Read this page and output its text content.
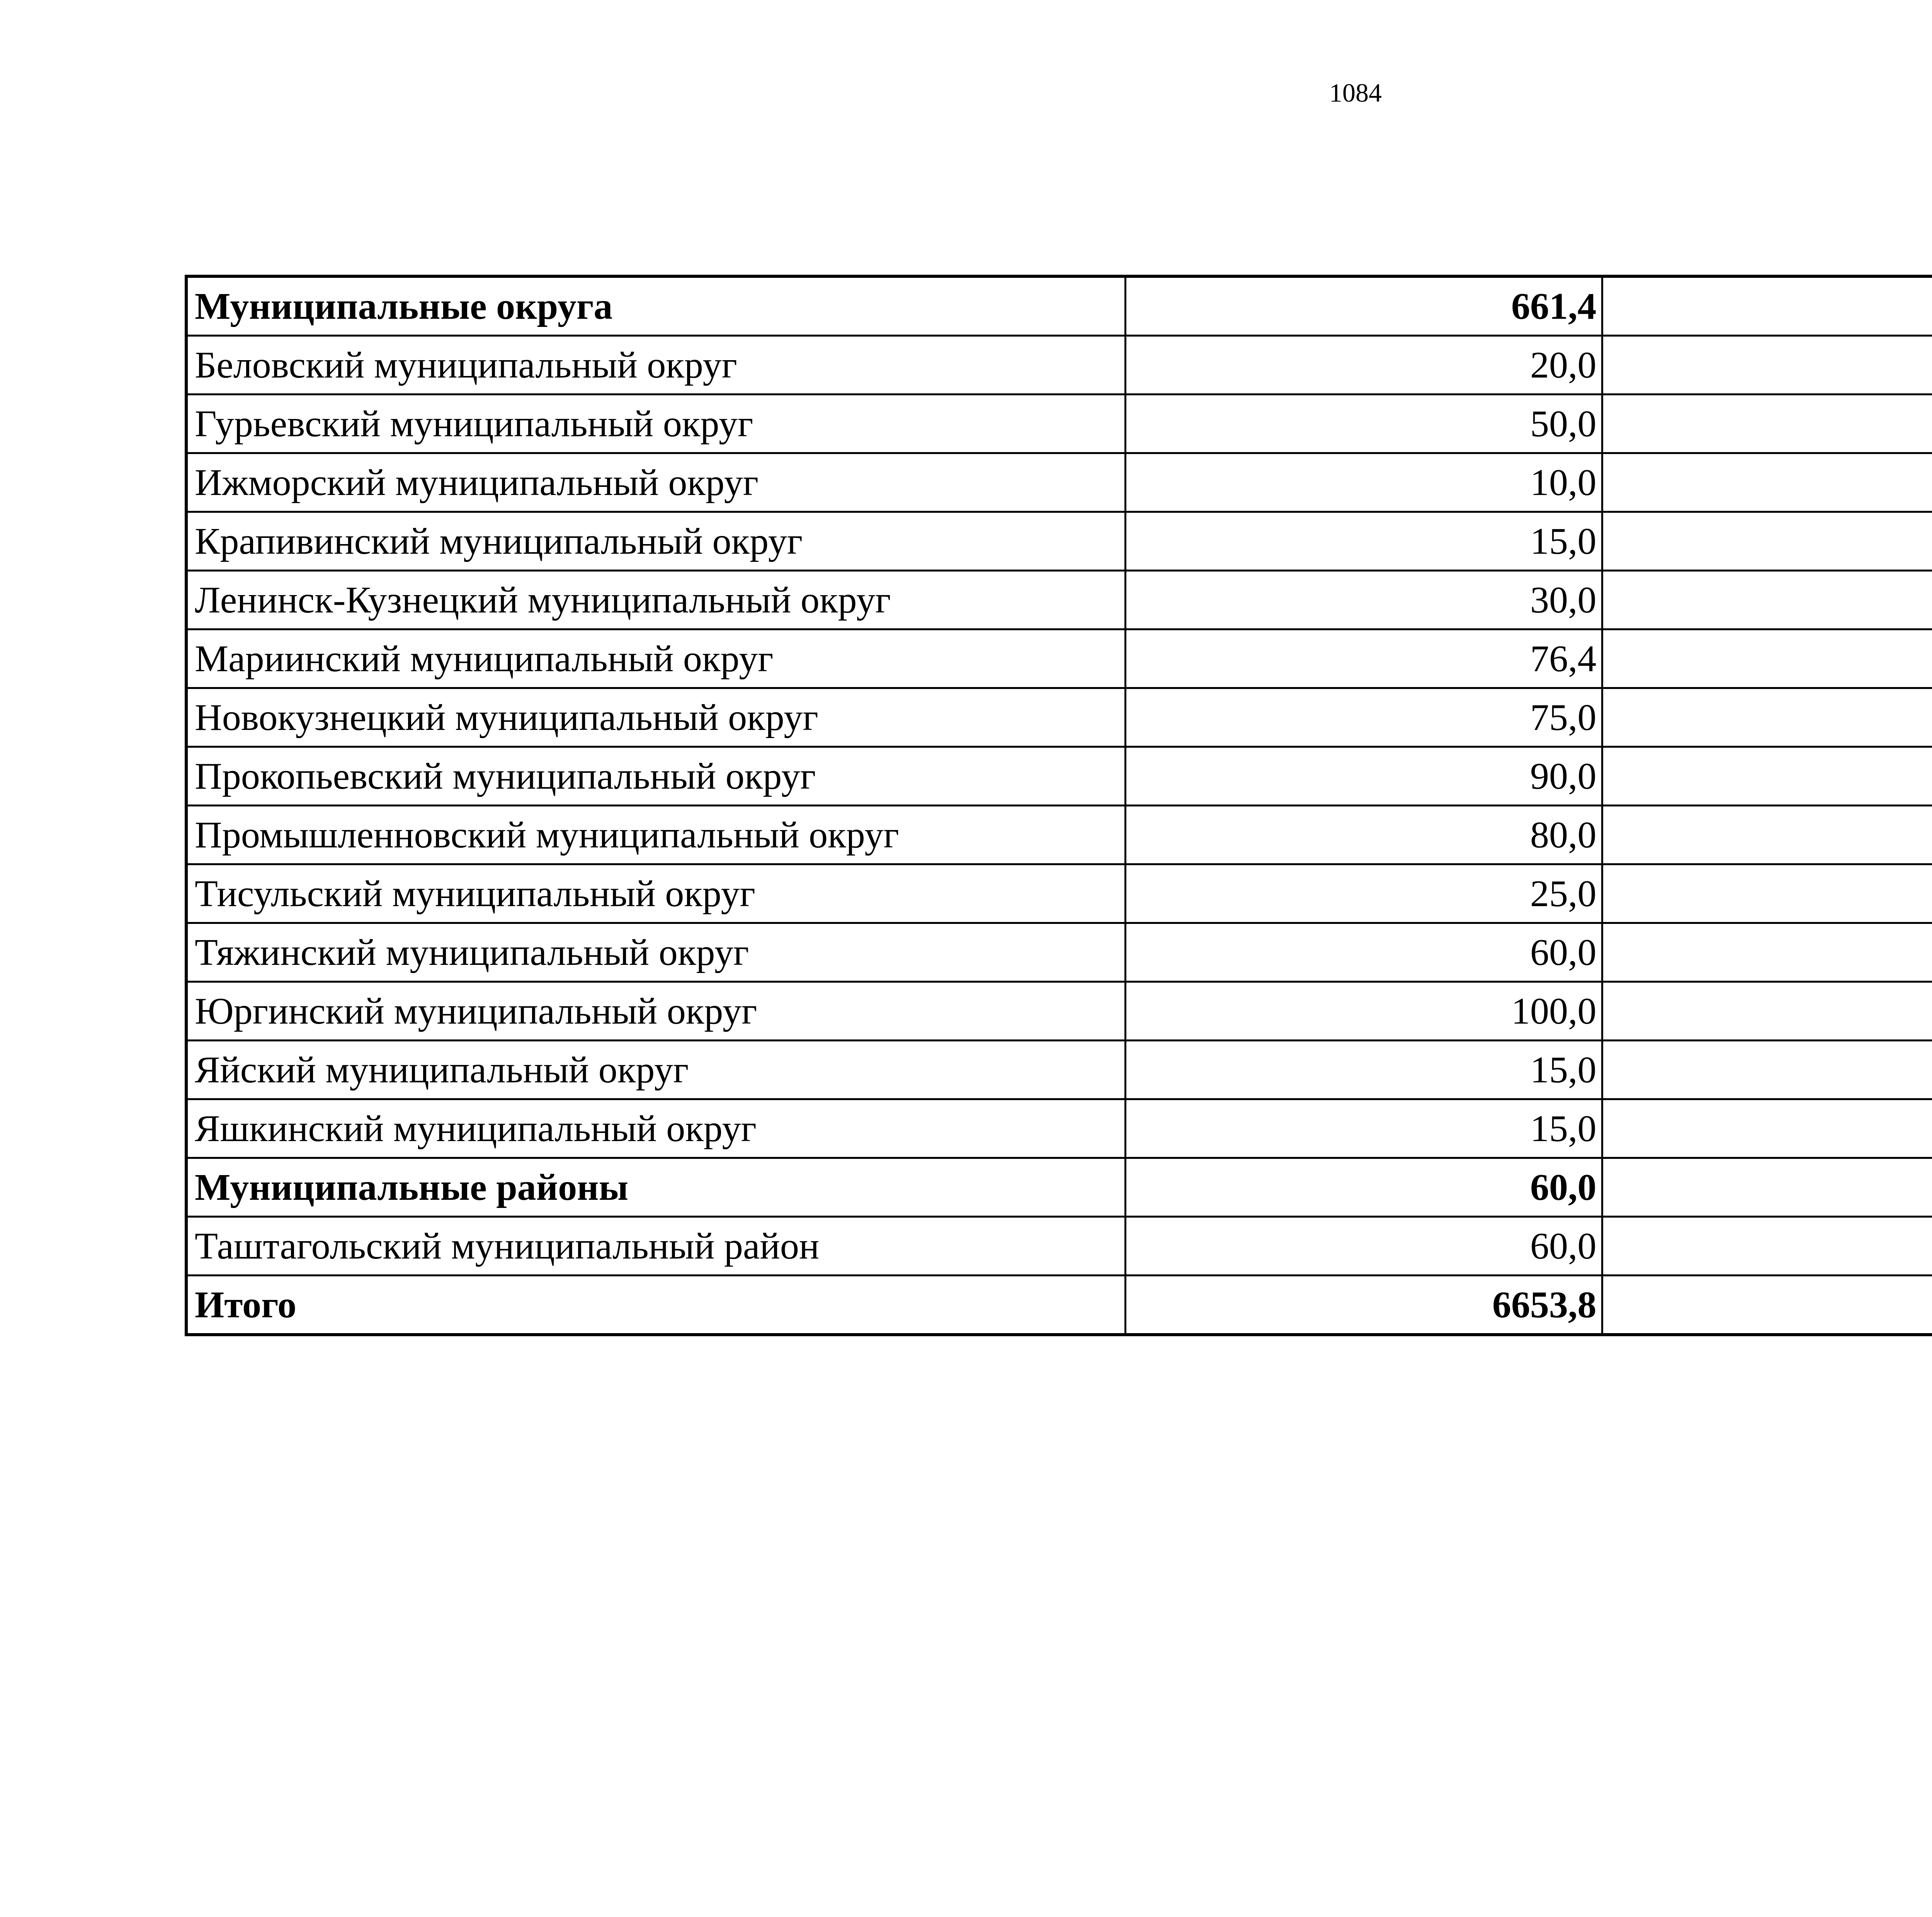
1084
Муниципальные округа	661,4		
Беловский муниципальный округ	20,0		
Гурьевский муниципальный округ	50,0		
Ижморский муниципальный округ	10,0		
Крапивинский муниципальный округ	15,0		
Ленинск-Кузнецкий муниципальный округ	30,0		
Мариинский муниципальный округ	76,4		
Новокузнецкий муниципальный округ	75,0		
Прокопьевский муниципальный округ	90,0		
Промышленновский муниципальный округ	80,0		
Тисульский муниципальный округ	25,0		
Тяжинский муниципальный округ	60,0		
Юргинский муниципальный округ	100,0		
Яйский муниципальный округ	15,0		
Яшкинский муниципальный округ	15,0		
Муниципальные районы	60,0		
Таштагольский муниципальный район	60,0		
Итого	6653,8		
